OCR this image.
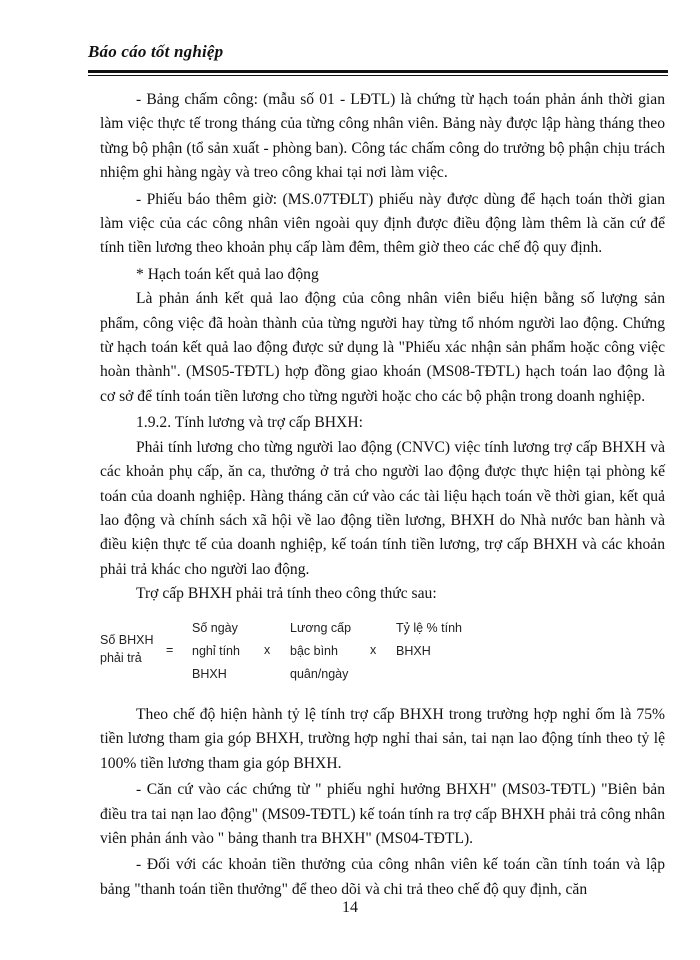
Báo cáo tốt nghiệp

- Bảng chấm công: (mẫu số 01 - LĐTL) là chứng từ hạch toán phản ánh thời gian làm việc thực tế trong tháng của từng công nhân viên. Bảng này được lập hàng tháng theo từng bộ phận (tổ sản xuất - phòng ban). Công tác chấm công do trưởng bộ phận chịu trách nhiệm ghi hàng ngày và treo công khai tại nơi làm việc.

- Phiếu báo thêm giờ: (MS.07TĐLT) phiếu này được dùng để hạch toán thời gian làm việc của các công nhân viên ngoài quy định được điều động làm thêm là căn cứ để tính tiền lương theo khoản phụ cấp làm đêm, thêm giờ theo các chế độ quy định.

* Hạch toán kết quả lao động

Là phản ánh kết quả lao động của công nhân viên biểu hiện bằng số lượng sản phẩm, công việc đã hoàn thành của từng người hay từng tổ nhóm người lao động. Chứng từ hạch toán kết quả lao động được sử dụng là "Phiếu xác nhận sản phẩm hoặc công việc hoàn thành". (MS05-TĐTL) hợp đồng giao khoán (MS08-TĐTL) hạch toán lao động là cơ sở để tính toán tiền lương cho từng người hoặc cho các bộ phận trong doanh nghiệp.

1.9.2. Tính lương và trợ cấp BHXH:

Phải tính lương cho từng người lao động (CNVC) việc tính lương trợ cấp BHXH và các khoản phụ cấp, ăn ca, thưởng ở trả cho người lao động được thực hiện tại phòng kế toán của doanh nghiệp. Hàng tháng căn cứ vào các tài liệu hạch toán về thời gian, kết quả lao động và chính sách xã hội về lao động tiền lương, BHXH do Nhà nước ban hành và điều kiện thực tế của doanh nghiệp, kế toán tính tiền lương, trợ cấp BHXH và các khoản phải trả khác cho người lao động.

Trợ cấp BHXH phải trả tính theo công thức sau:

Số BHXH
phải trả
=
Số ngày
nghỉ tính
BHXH
x
Lương cấp
bậc bình
quân/ngày
x
Tỷ lệ % tính
BHXH

Theo chế độ hiện hành tỷ lệ tính trợ cấp BHXH trong trường hợp nghỉ ốm là 75% tiền lương tham gia góp BHXH, trường hợp nghỉ thai sản, tai nạn lao động tính theo tỷ lệ 100% tiền lương tham gia góp BHXH.

- Căn cứ vào các chứng từ " phiếu nghỉ hưởng BHXH" (MS03-TĐTL) "Biên bản điều tra tai nạn lao động" (MS09-TĐTL) kế toán tính ra trợ cấp BHXH phải trả công nhân viên phản ánh vào " bảng thanh tra BHXH" (MS04-TĐTL).

- Đối với các khoản tiền thưởng của công nhân viên kế toán cần tính toán và lập bảng "thanh toán tiền thưởng" để theo dõi và chi trả theo chế độ quy định, căn

14
